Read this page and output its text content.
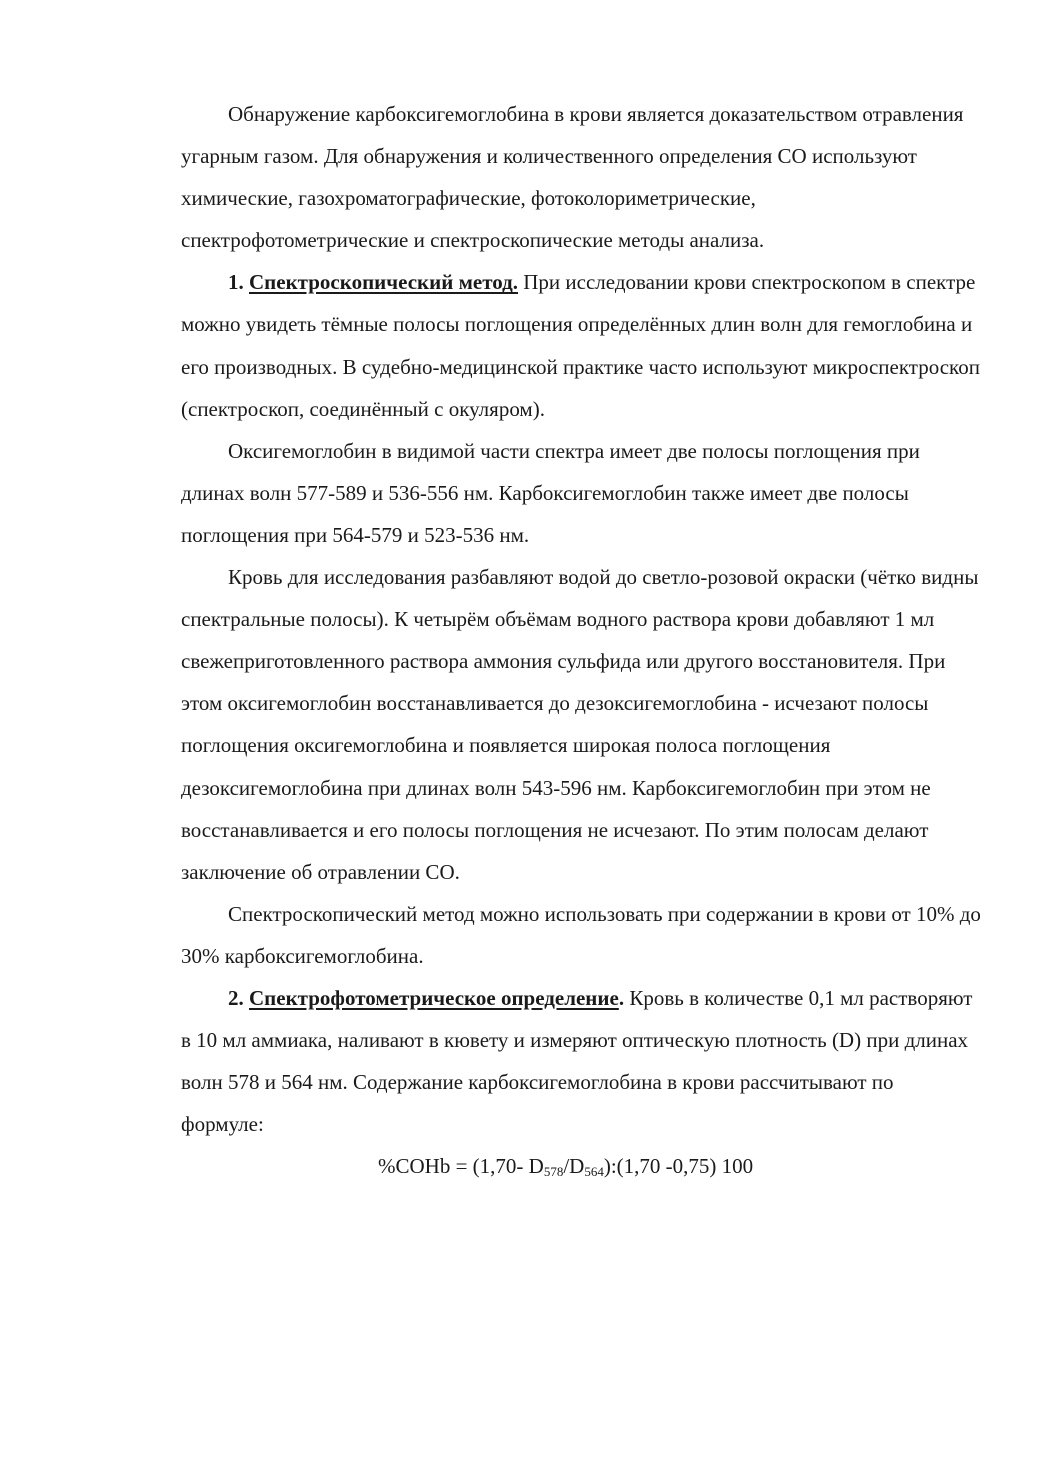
Обнаружение карбоксигемоглобина в крови является доказательством отравления угарным газом. Для обнаружения и количественного определения СО используют химические, газохроматографические, фотоколориметрические, спектрофотометрические и спектроскопические методы анализа.

1. Спектроскопический метод. При исследовании крови спектроскопом в спектре можно увидеть тёмные полосы поглощения определённых длин волн для гемоглобина и его производных. В судебно-медицинской практике часто используют микроспектроскоп (спектроскоп, соединённый с окуляром).

Оксигемоглобин в видимой части спектра имеет две полосы поглощения при длинах волн 577-589 и 536-556 нм. Карбоксигемоглобин также имеет две полосы поглощения при 564-579 и 523-536 нм.

Кровь для исследования разбавляют водой до светло-розовой окраски (чётко видны спектральные полосы). К четырём объёмам водного раствора крови добавляют 1 мл свежеприготовленного раствора аммония сульфида или другого восстановителя. При этом оксигемоглобин восстанавливается до дезоксигемоглобина - исчезают полосы поглощения оксигемоглобина и появляется широкая полоса поглощения дезоксигемоглобина при длинах волн 543-596 нм. Карбоксигемоглобин при этом не восстанавливается и его полосы поглощения не исчезают. По этим полосам делают заключение об отравлении СО.

Спектроскопический метод можно использовать при содержании в крови от 10% до 30% карбоксигемоглобина.

2. Спектрофотометрическое определение. Кровь в количестве 0,1 мл растворяют в 10 мл аммиака, наливают в кювету и измеряют оптическую плотность (D) при длинах волн 578 и 564 нм. Содержание карбоксигемоглобина в крови рассчитывают по формуле:

%COHb = (1,70- $D_{578}/D_{564}):(1,70$ -0,75) 100
